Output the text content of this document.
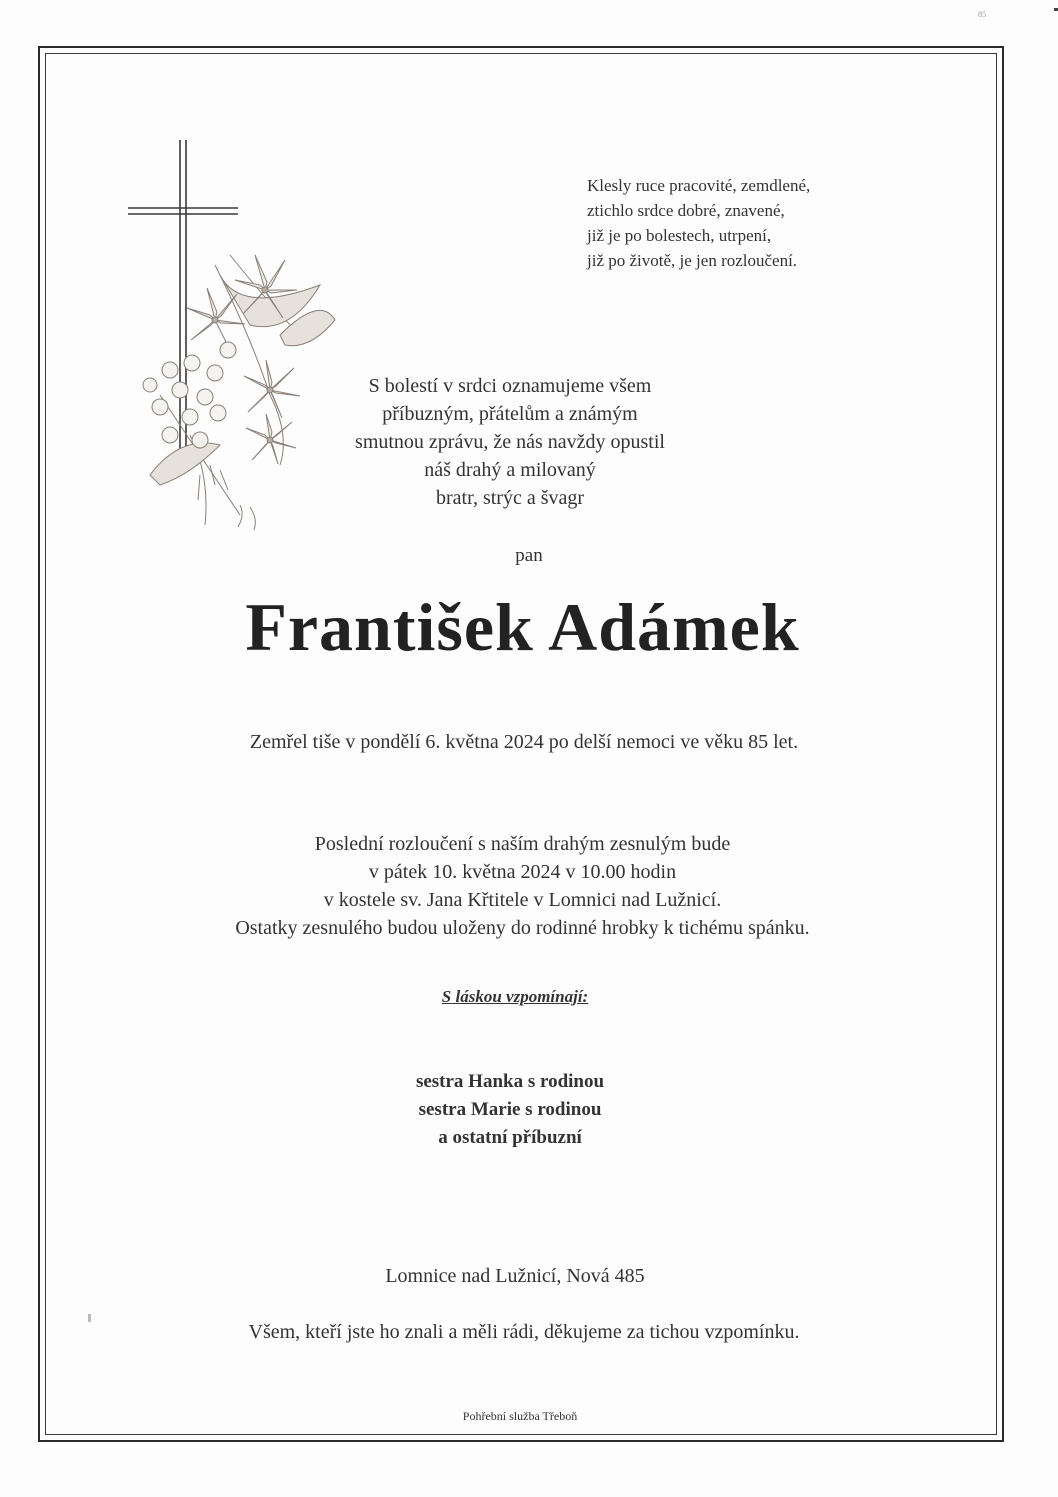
85
Klesly ruce pracovité, zemdlené,
ztichlo srdce dobré, znavené,
již je po bolestech, utrpení,
již po životě, je jen rozloučení.
S bolestí v srdci oznamujeme všem
příbuzným, přátelům a známým
smutnou zprávu, že nás navždy opustil
náš drahý a milovaný
bratr, strýc a švagr
pan
František Adámek
Zemřel tiše v pondělí 6. května 2024 po delší nemoci ve věku 85 let.
Poslední rozloučení s naším drahým zesnulým bude
v pátek 10. května 2024 v 10.00 hodin
v kostele sv. Jana Křtitele v Lomnici nad Lužnicí.
Ostatky zesnulého budou uloženy do rodinné hrobky k tichému spánku.
S láskou vzpomínají:
sestra Hanka s rodinou
sestra Marie s rodinou
a ostatní příbuzní
Lomnice nad Lužnicí, Nová 485
Všem, kteří jste ho znali a měli rádi, děkujeme za tichou vzpomínku.
Pohřební služba Třeboň
